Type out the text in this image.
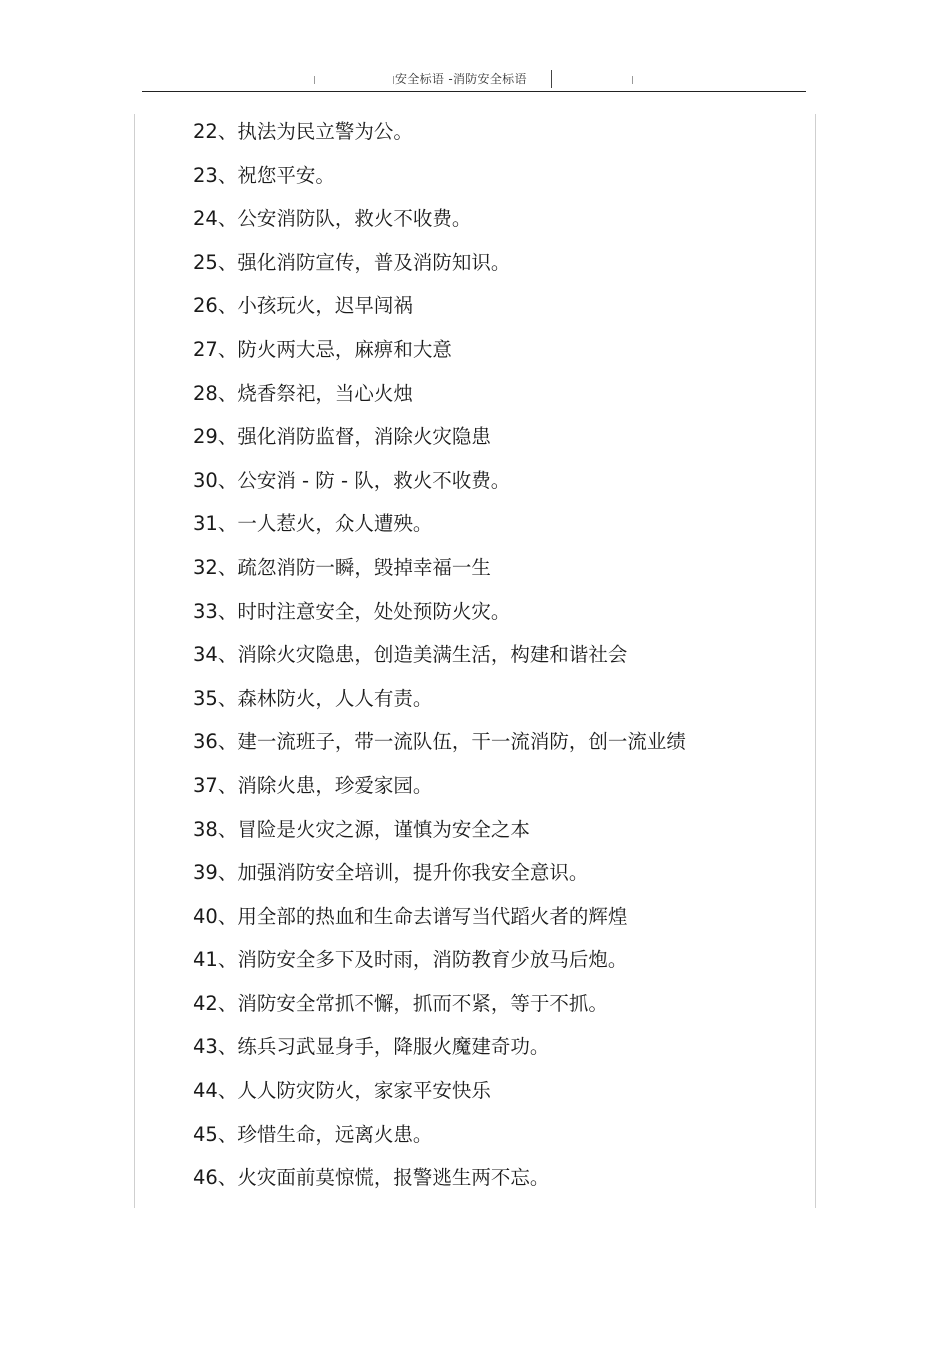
安全标语 -消防安全标语
22、执法为民立警为公。
23、祝您平安。
24、公安消防队，救火不收费。
25、强化消防宣传，普及消防知识。
26、小孩玩火，迟早闯祸
27、防火两大忌，麻痹和大意
28、烧香祭祀，当心火烛
29、强化消防监督，消除火灾隐患
30、公安消 - 防 - 队，救火不收费。
31、一人惹火，众人遭殃。
32、疏忽消防一瞬，毁掉幸福一生
33、时时注意安全，处处预防火灾。
34、消除火灾隐患，创造美满生活，构建和谐社会
35、森林防火，人人有责。
36、建一流班子，带一流队伍，干一流消防，创一流业绩
37、消除火患，珍爱家园。
38、冒险是火灾之源，谨慎为安全之本
39、加强消防安全培训，提升你我安全意识。
40、用全部的热血和生命去谱写当代蹈火者的辉煌
41、消防安全多下及时雨，消防教育少放马后炮。
42、消防安全常抓不懈，抓而不紧，等于不抓。
43、练兵习武显身手，降服火魔建奇功。
44、人人防灾防火，家家平安快乐
45、珍惜生命，远离火患。
46、火灾面前莫惊慌，报警逃生两不忘。
